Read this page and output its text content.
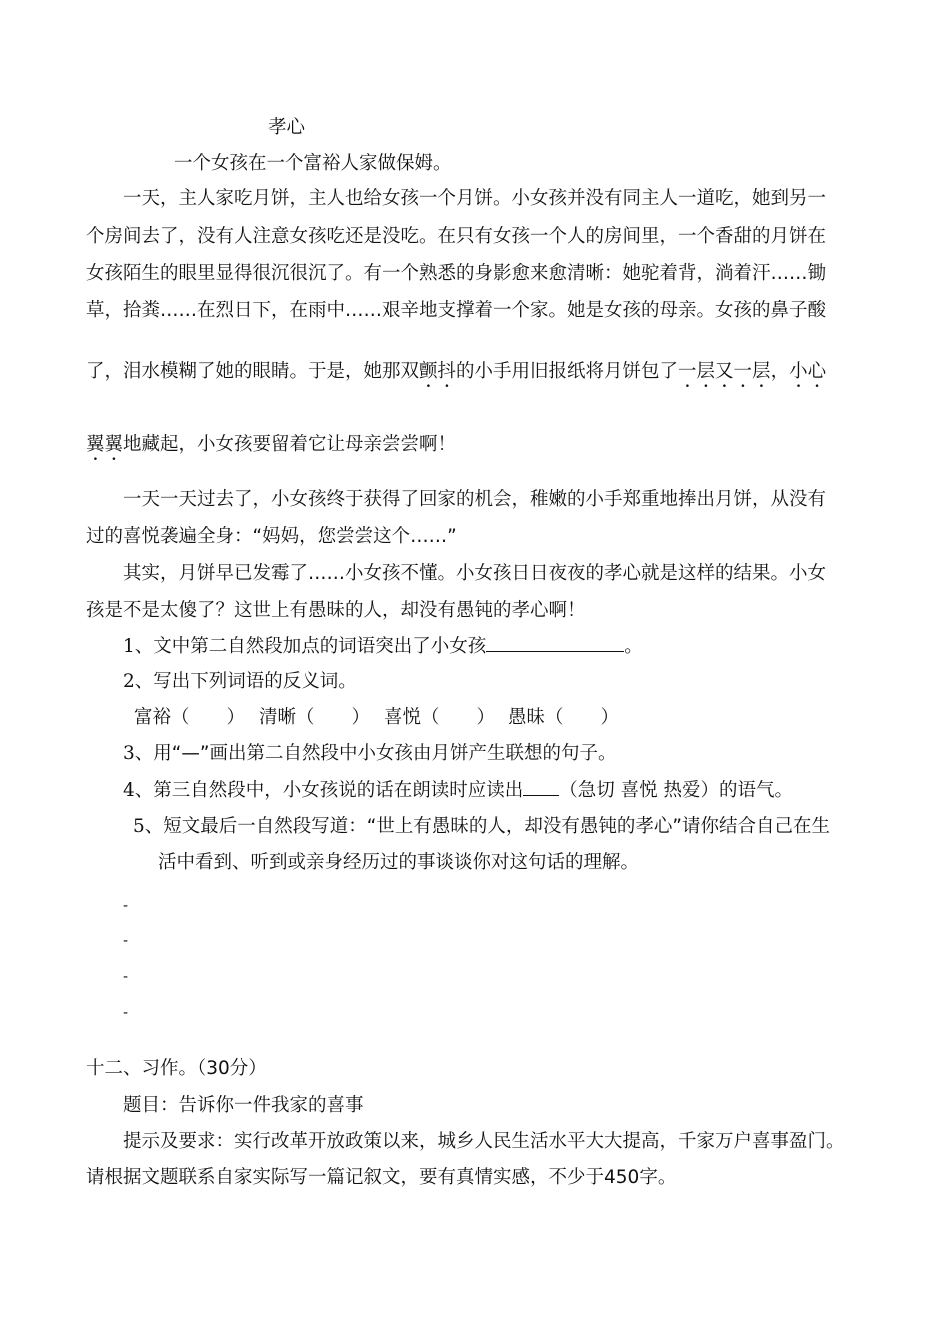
孝心
一个女孩在一个富裕人家做保姆。
一天，主人家吃月饼，主人也给女孩一个月饼。小女孩并没有同主人一道吃，她到另一
个房间去了，没有人注意女孩吃还是没吃。在只有女孩一个人的房间里，一个香甜的月饼在
女孩陌生的眼里显得很沉很沉了。有一个熟悉的身影愈来愈清晰：她驼着背，淌着汗……锄
草，拾粪……在烈日下，在雨中……艰辛地支撑着一个家。她是女孩的母亲。女孩的鼻子酸
了，泪水模糊了她的眼睛。于是，她那双颤抖的小手用旧报纸将月饼包了一层又一层，小心
翼翼地藏起，小女孩要留着它让母亲尝尝啊！
一天一天过去了，小女孩终于获得了回家的机会，稚嫩的小手郑重地捧出月饼，从没有
过的喜悦袭遍全身：“妈妈，您尝尝这个……”
其实，月饼早已发霉了……小女孩不懂。小女孩日日夜夜的孝心就是这样的结果。小女
孩是不是太傻了？这世上有愚昧的人，却没有愚钝的孝心啊！
1、文中第二自然段加点的词语突出了小女孩	。
2、写出下列词语的反义词。
富裕（　　） 清晰（　　） 喜悦（　　） 愚昧（　　）
3、用“—”画出第二自然段中小女孩由月饼产生联想的句子。
4、第三自然段中，小女孩说的话在朗读时应读出 （急切 喜悦 热爱）的语气。
5、短文最后一自然段写道：“世上有愚昧的人，却没有愚钝的孝心”请你结合自己在生
活中看到、听到或亲身经历过的事谈谈你对这句话的理解。
-
-
-
-
十二、习作。（30分）
题目：告诉你一件我家的喜事
提示及要求：实行改革开放政策以来，城乡人民生活水平大大提高，千家万户喜事盈门。
请根据文题联系自家实际写一篇记叙文，要有真情实感，不少于450字。
